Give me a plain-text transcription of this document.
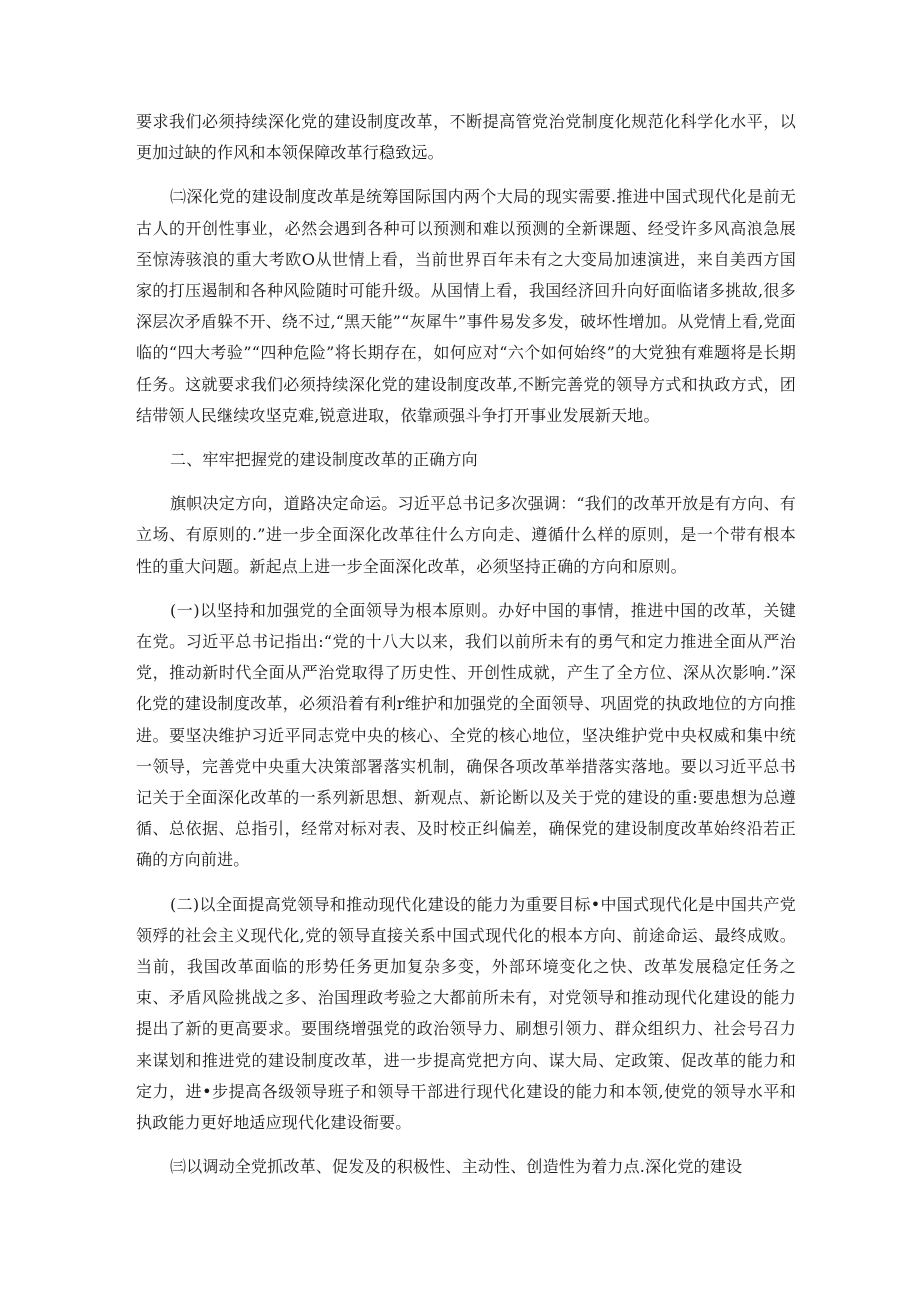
要求我们必须持续深化党的建设制度改革，不断提高管党治党制度化规范化科学化水平，以更加过缺的作风和本领保障改革行稳致远。

㈡深化党的建设制度改革是统筹国际国内两个大局的现实需要.推进中国式现代化是前无古人的开创性事业，必然会遇到各种可以预测和难以预测的全新课题、经受许多风高浪急展至惊涛骇浪的重大考欧O从世情上看，当前世界百年未有之大变局加速演进，来自美西方国家的打压遏制和各种风险随时可能升级。从国情上看，我国经济回升向好面临诸多挑故,很多深层次矛盾躲不开、绕不过,“黑天能”“灰犀牛”事件易发多发，破坏性增加。从党情上看,党面临的“四大考验”“四种危险”将长期存在，如何应对“六个如何始终”的大党独有难题将是长期任务。这就要求我们必须持续深化党的建设制度改革,不断完善党的领导方式和执政方式，团结带领人民继续攻坚克难,锐意进取，依靠顽强斗争打开事业发展新天地。

二、牢牢把握党的建设制度改革的正确方向

旗帜决定方向，道路决定命运。习近平总书记多次强调：“我们的改革开放是有方向、有立场、有原则的.”进一步全面深化改革往什么方向走、遵循什么样的原则，是一个带有根本性的重大问题。新起点上进一步全面深化改革，必须坚持正确的方向和原则。

(一)以坚持和加强党的全面领导为根本原则。办好中国的事情，推进中国的改革，关键在党。习近平总书记指出:“党的十八大以来，我们以前所未有的勇气和定力推进全面从严治党，推动新时代全面从严治党取得了历史性、开创性成就，产生了全方位、深从次影响.”深化党的建设制度改革，必须沿着有利r维护和加强党的全面领导、巩固党的执政地位的方向推进。要坚决维护习近平同志党中央的核心、全党的核心地位，坚决维护党中央权威和集中统一领导，完善党中央重大决策部署落实机制，确保各项改革举措落实落地。要以习近平总书记关于全面深化改革的一系列新思想、新观点、新论断以及关于党的建设的重:要患想为总遵循、总依据、总指引，经常对标对表、及时校正纠偏差，确保党的建设制度改革始终沿若正确的方向前进。

(二)以全面提高党领导和推动现代化建设的能力为重要目标•中国式现代化是中国共产党领殍的社会主义现代化,党的领导直接关系中国式现代化的根本方向、前途命运、最终成败。当前，我国改革面临的形势任务更加复杂多变，外部环境变化之快、改革发展稳定任务之束、矛盾风险挑战之多、治国理政考验之大都前所未有，对党领导和推动现代化建设的能力提出了新的更高要求。要围绕增强党的政治领导力、刷想引领力、群众组织力、社会号召力来谋划和推进党的建设制度改革，进一步提高党把方向、谋大局、定政策、促改革的能力和定力，进•步提高各级领导班子和领导干部进行现代化建设的能力和本领,使党的领导水平和执政能力更好地适应现代化建设衙要。

㈢以调动全党抓改革、促发及的积极性、主动性、创造性为着力点.深化党的建设
